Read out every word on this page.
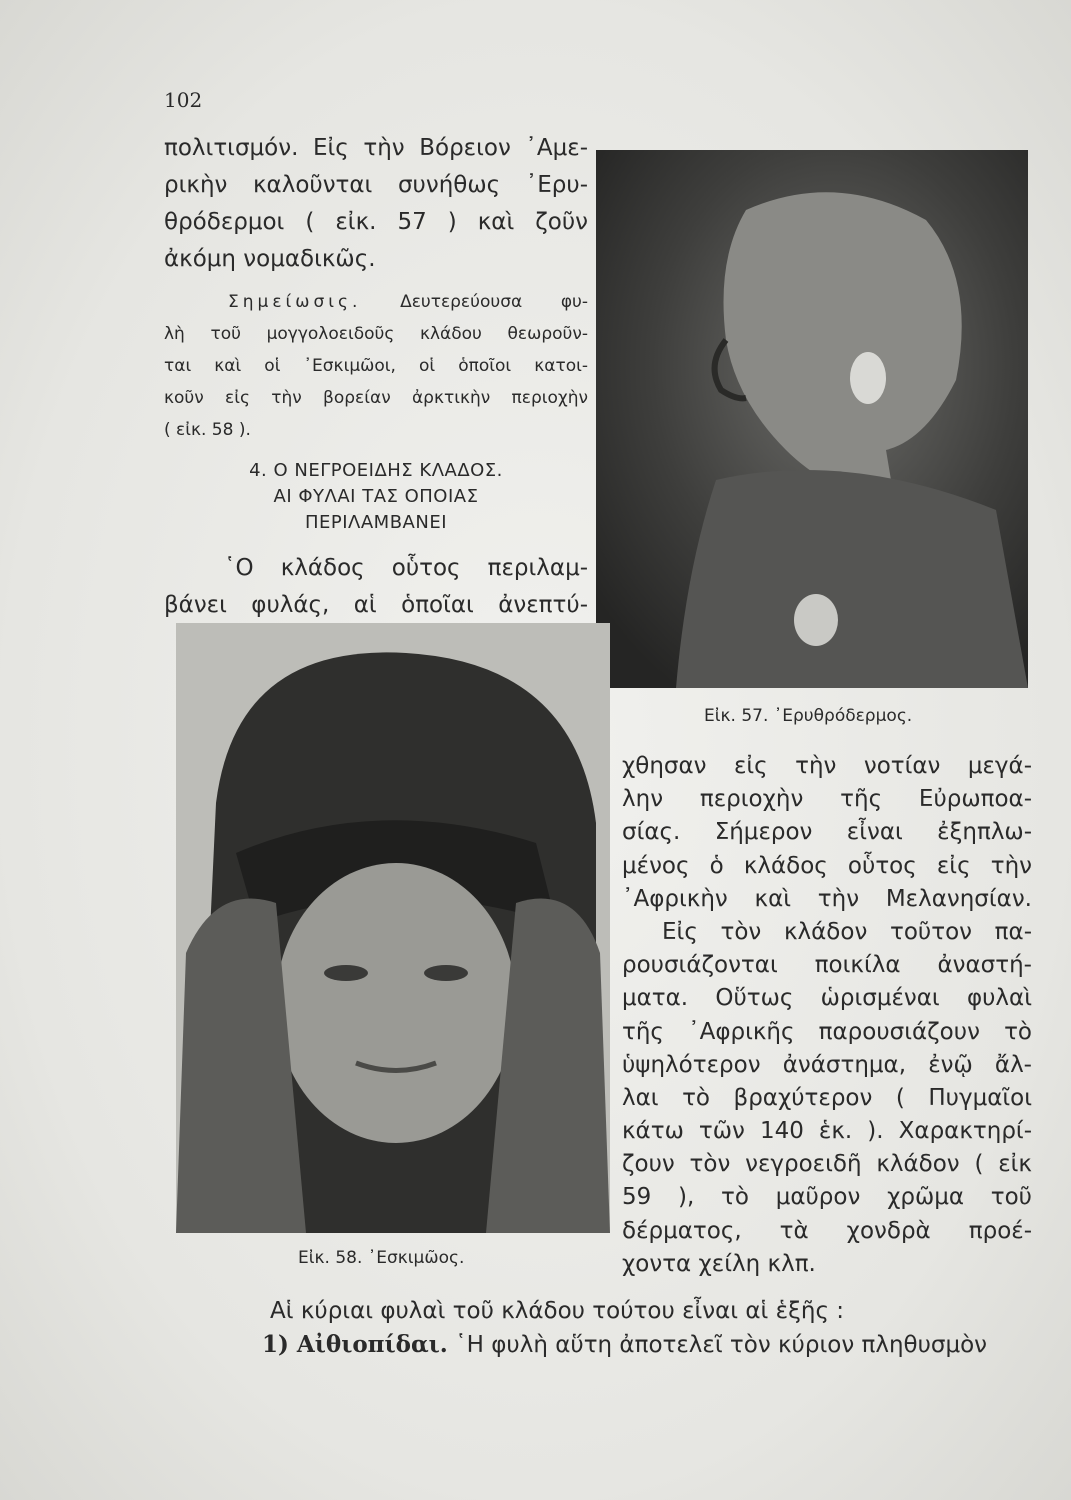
102
πολιτισμόν. Εἰς τὴν Βόρειον ᾿Αμε-
ρικὴν καλοῦνται συνήθως ᾿Ερυ-
θρόδερμοι ( εἰκ. 57 ) καὶ ζοῦν
ἀκόμη νομαδικῶς.
Σημείωσις. Δευτερεύουσα φυ-
λὴ τοῦ μογγολοειδοῦς κλάδου θεωροῦν-
ται καὶ οἱ ᾿Εσκιμῶοι, οἱ ὁποῖοι κατοι-
κοῦν εἰς τὴν βορείαν ἀρκτικὴν περιοχὴν
( εἰκ. 58 ).
4. Ο ΝΕΓΡΟΕΙΔΗΣ ΚΛΑΔΟΣ.
ΑΙ ΦΥΛΑΙ ΤΑΣ ΟΠΟΙΑΣ
ΠΕΡΙΛΑΜΒΑΝΕΙ
῾Ο κλάδος οὗτος περιλαμ-
βάνει φυλάς, αἱ ὁποῖαι ἀνεπτύ-
Εἰκ. 57. ᾿Ερυθρόδερμος.
Εἰκ. 58. ᾿Εσκιμῶος.
χθησαν εἰς τὴν νοτίαν μεγά-
λην περιοχὴν τῆς Εὐρωποα-
σίας. Σήμερον εἶναι ἐξηπλω-
μένος ὁ κλάδος οὗτος εἰς τὴν
᾿Αφρικὴν καὶ τὴν Μελανησίαν.
Εἰς τὸν κλάδον τοῦτον πα-
ρουσιάζονται ποικίλα ἀναστή-
ματα. Οὕτως ὡρισμέναι φυλαὶ
τῆς ᾿Αφρικῆς παρουσιάζουν τὸ
ὑψηλότερον ἀνάστημα, ἐνῷ ἄλ-
λαι τὸ βραχύτερον ( Πυγμαῖοι
κάτω τῶν 140 ἑκ. ). Χαρακτηρί-
ζουν τὸν νεγροειδῆ κλάδον ( εἰκ
59 ), τὸ μαῦρον χρῶμα τοῦ
δέρματος, τὰ χονδρὰ προέ-
χοντα χείλη κλπ.
Αἱ κύριαι φυλαὶ τοῦ κλάδου τούτου εἶναι αἱ ἑξῆς :
1) Αἰθιοπίδαι. ῾Η φυλὴ αὕτη ἀποτελεῖ τὸν κύριον πληθυσμὸν
